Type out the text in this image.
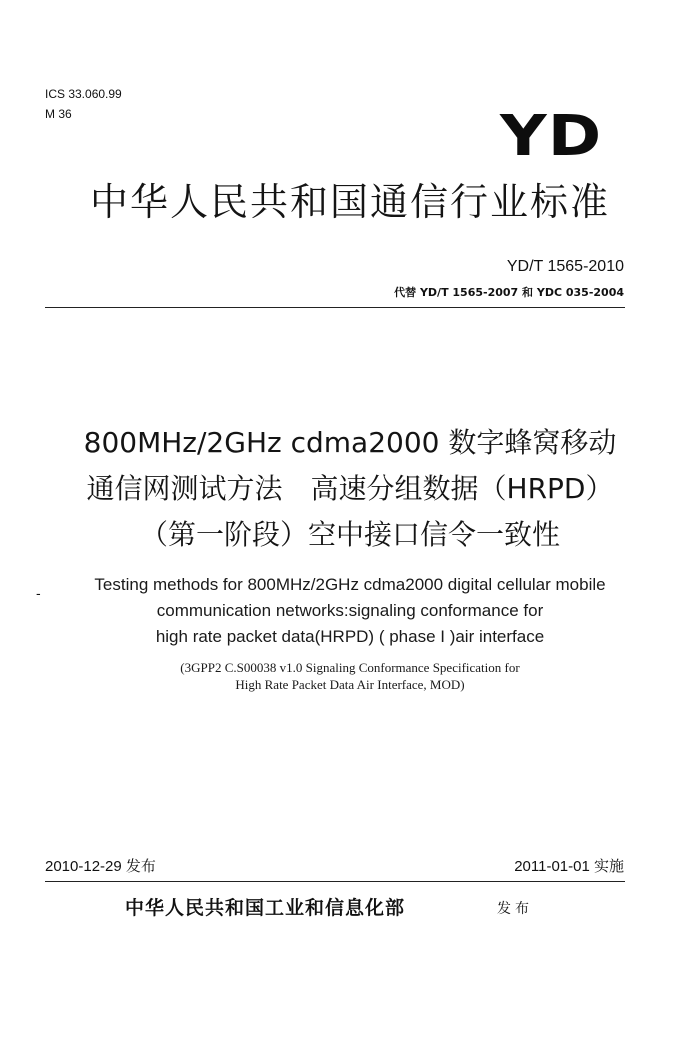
ICS 33.060.99
M 36	YD
中华人民共和国通信行业标准
YD/T 1565-2010
代替 YD/T 1565-2007 和 YDC 035-2004
800MHz/2GHz cdma2000 数字蜂窝移动
通信网测试方法　高速分组数据（HRPD）
（第一阶段）空中接口信令一致性
-	Testing methods for 800MHz/2GHz cdma2000 digital cellular mobile
communication networks:signaling conformance for
high rate packet data(HRPD) ( phase I )air interface
(3GPP2 C.S00038 v1.0 Signaling Conformance Specification for
High Rate Packet Data Air Interface, MOD)
2010-12-29 发布	2011-01-01 实施
中华人民共和国工业和信息化部	发布
